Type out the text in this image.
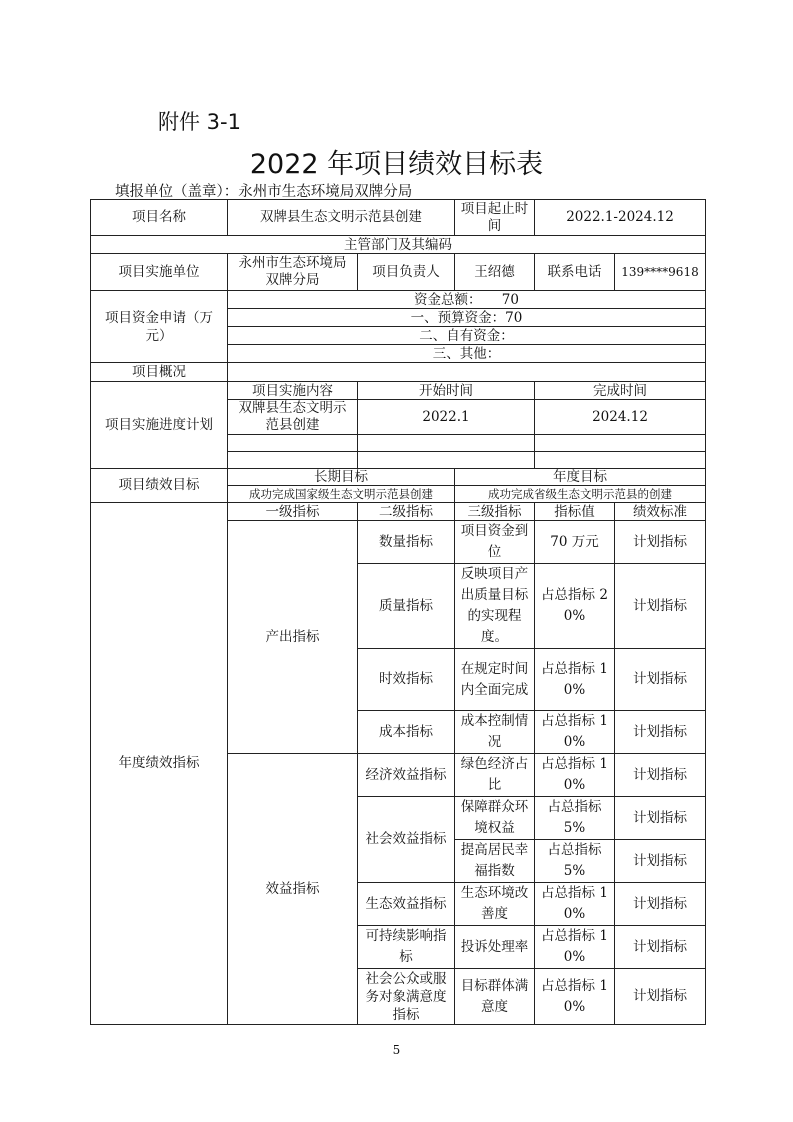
附件 3-1
2022 年项目绩效目标表
填报单位（盖章）：永州市生态环境局双牌分局
项目名称	双牌县生态文明示范县创建		项目起止时间	2022.1-2024.12	
主管部门及其编码					
项目实施单位	永州市生态环境局双牌分局	项目负责人	王绍德	联系电话	139****9618
项目资金申请（万元）	资金总额：　　70				
	一、预算资金：70				
	二、自有资金：				
	三、其他：				
项目概况					
项目实施进度计划	项目实施内容	开始时间		完成时间	
	双牌县生态文明示范县创建	2022.1		2024.12	

项目绩效目标	长期目标		年度目标		
	成功完成国家级生态文明示范县创建		成功完成省级生态文明示范县的创建		
年度绩效指标	一级指标	二级指标	三级指标	指标值	绩效标准
	产出指标	数量指标	项目资金到位	70 万元	计划指标
		质量指标	反映项目产出质量目标的实现程度。	占总指标 20%	计划指标
		时效指标	在规定时间内全面完成	占总指标 10%	计划指标
		成本指标	成本控制情况	占总指标 10%	计划指标
	效益指标	经济效益指标	绿色经济占比	占总指标 10%	计划指标
		社会效益指标	保障群众环境权益	占总指标 5%	计划指标
			提高居民幸福指数	占总指标 5%	计划指标
		生态效益指标	生态环境改善度	占总指标 10%	计划指标
		可持续影响指标	投诉处理率	占总指标 10%	计划指标
		社会公众或服务对象满意度指标	目标群体满意度	占总指标 10%	计划指标
5
